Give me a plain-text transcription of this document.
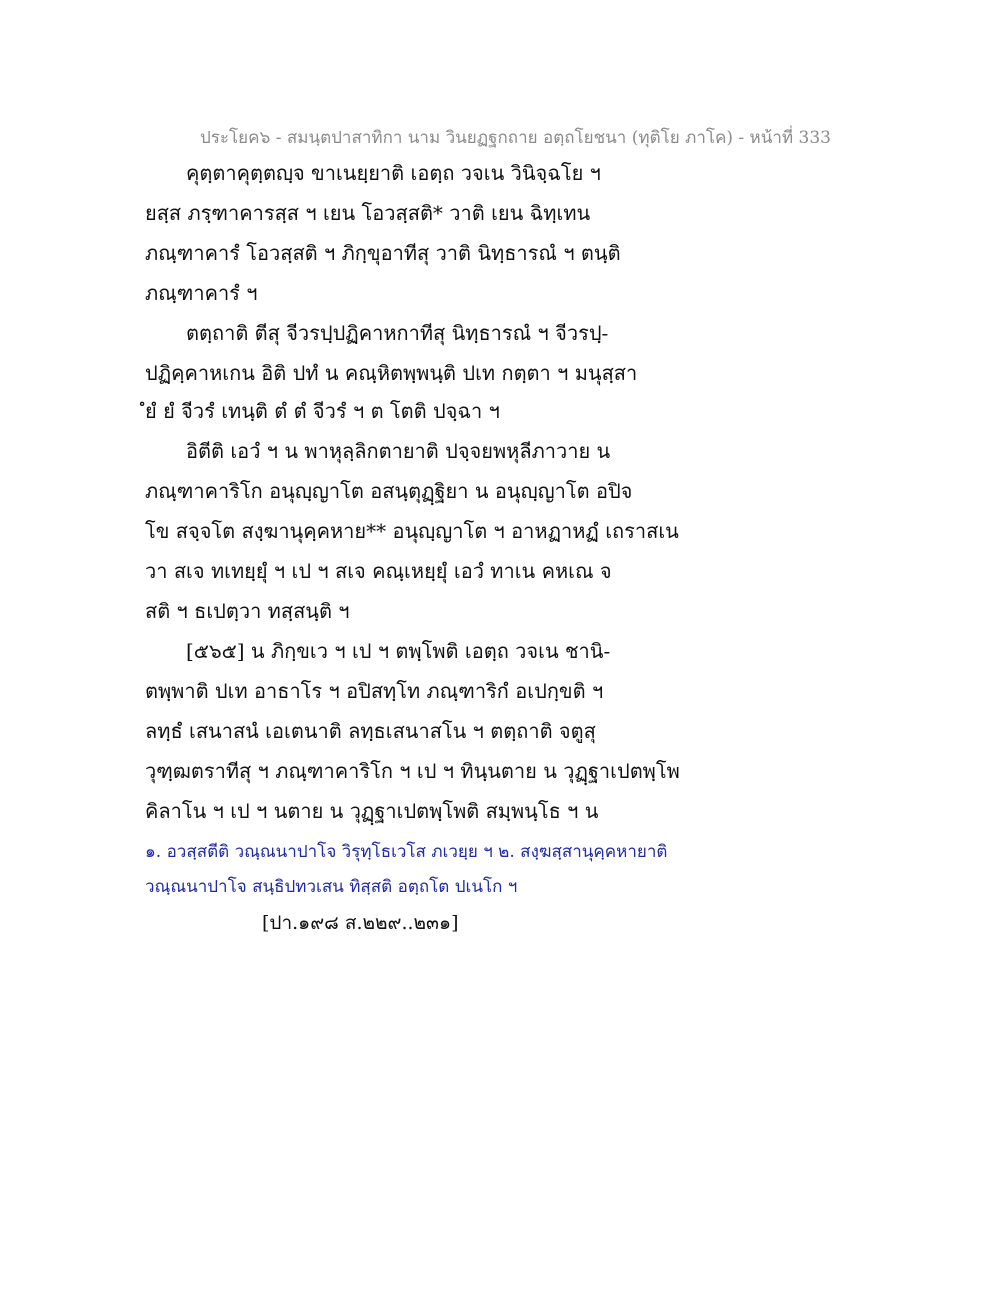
ประโยค๖ - สมนฺตปาสาทิกา นาม วินยฏฐกถาย อตฺถโยชนา (ทุติโย ภาโค) - หน้าที่ 333
คุตฺตาคุตฺตญฺจ ขาเนยฺยาติ เอตฺถ วจเน วินิจฺฉโย ฯ
ยสฺส ภรฺฑาคารสฺส ฯ เยน โอวสฺสติ* วาติ เยน ฉิทฺเทน
ภณฺฑาคารํ โอวสฺสติ ฯ ภิกฺขุอาทีสุ วาติ นิทฺธารณํ ฯ ตนฺติ
ภณฺฑาคารํ ฯ
ตตฺถาติ ตีสุ จีวรปฺปฏิคาหกาทีสุ นิทฺธารณํ ฯ จีวรปฺ-
ปฏิคฺคาหเกน อิติ ปทํ น คณฺหิตพฺพนฺติ ปเท กตฺตา ฯ มนุสฺสา
ํยํ ยํ จีวรํ เทนฺติ ตํ ตํ จีวรํ ฯ ต โตติ ปจฺฉา ฯ
อิตีติ เอวํ ฯ น พาหุลฺลิกตายาติ ปจฺจยพหุลีภาวาย น
ภณฺฑาคาริโก อนุญฺญาโต อสนฺตุฏฺฐิยา น อนุญฺญาโต อปิจ
โข สจฺจโต สงฺฆานุคฺคหาย** อนุญฺญาโต ฯ อาหฏาหฏํ เถราสเน
วา สเจ ทเทยฺยุํ ฯ เป ฯ สเจ คณฺเหยฺยุํ เอวํ ทาเน คหเณ จ
สติ ฯ ธเปตฺวา ทสฺสนฺติ ฯ
[๕๖๕] น ภิกฺขเว ฯ เป ฯ ตพฺโพติ เอตฺถ วจเน ชานิ-
ตพฺพาติ ปเท อาธาโร ฯ อปิสทฺโท ภณฺฑาริกํ อเปกฺขติ ฯ
ลทฺธํ เสนาสนํ เอเตนาติ ลทฺธเสนาสโน ฯ ตตฺถาติ จตูสุ
วุฑฺฒตราทีสุ ฯ ภณฺฑาคาริโก ฯ เป ฯ ทินฺนตาย น วุฏฺฐาเปตพฺโพ
คิลาโน ฯ เป ฯ นตาย น วุฏฺฐาเปตพฺโพติ สมฺพนฺโธ ฯ น
๑. อวสฺสตีติ วณฺณนาปาโจ วิรุทฺโธเวโส ภเวยฺย ฯ ๒. สงฺฆสฺสานุคฺคหายาติ
วณฺณนาปาโจ สนฺธิปทวเสน ทิสฺสติ อตฺถโต ปเนโก ฯ
[ปา.๑๙๘ ส.๒๒๙..๒๓๑]
